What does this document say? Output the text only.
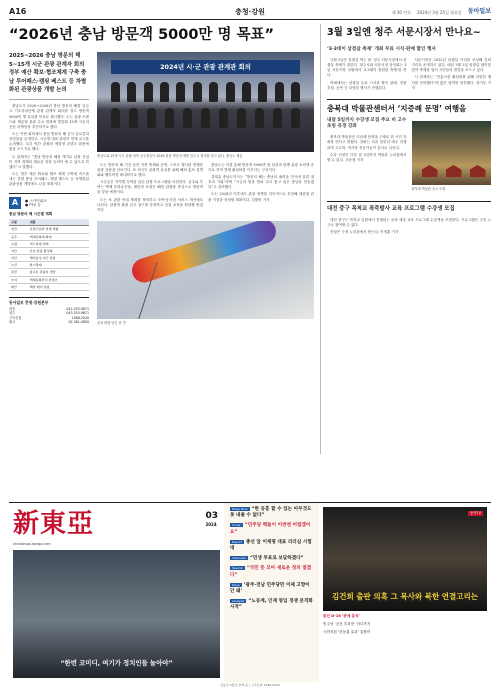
A16	충청·강원	제 30 만호 2024년 3월 25일 월요일 동아일보
“2026년 충남 방문객 5000만 명 목표”
2025~2026 충남 방문의 해 5~15개 시군 관광 관계자 회의 정부 예산 확보·협조체계 구축 충남 투어패스·캠핑 베스트 등 차별화된 관광상품 개발 논의

충남도가 2026~2026년 충남 방문의 해를 앞두고 기초자치단체 관광 관계자 회의를 열고 방문객 5000만 명 유치를 목표로 제시했다. 도는 관광 트렌드와 체류형 관광 수요 변화에 발맞춰 15개 시군과 공동 마케팅을 추진하기로 했다.

도는 이번 회의에서 충남 방문의 해 공식 슬로건과 상징물을 공개하고, 시군별 대표 관광지 연계 코스를 논의했다. 특히 야간 관광과 체험형 콘텐츠 확충에 힘을 모으기로 했다.

도 관계자는 “충남 방문의 해를 계기로 관광 산업이 지역 경제의 새로운 성장 동력이 될 수 있도록 하겠다”고 말했다.

도는 정부 예산 확보와 협조 체계 구축에 속도를 내는 한편 충남 투어패스, 캠핑 베스트 등 차별화된 관광상품 개발에도 나설 계획이다.

A	● 스카이워크
● PTV 등
충남 방문의 해 시군별 계획
구분	내용
천안	독립기념관 연계 체험
공주	백제문화제 확대
보령	머드축제 연계
아산	온천 관광 활성화
서산	해미읍성 야간 관광
논산	딸기축제
당진	삽교호 관광지 개발
부여	백제문화단지 콘텐츠
태안	해양 레저 관광
동아일보 충청·강원본부
대전	042-253-9871
청주	043-253-9871
구독신청	1588-2020
광고	02-361-0800
2024년 시·군 관광 관계관 회의
충남도와 15개 시군 관광 담당 공무원들이 2026 충남 방문의 해를 앞두고 회의를 열고 있다. 충남도 제공

도는 방문의 해 기간 동안 각종 축제와 공연, 스포츠 행사를 연계한 관광 상품을 선보인다. 또 외국인 관광객 유치를 위해 해외 홍보 설명회와 팸투어를 확대하기로 했다.

시군들은 지역별 특색을 살린 관광 프로그램을 마련한다. 공주와 부여는 백제 문화유산을, 태안과 보령은 해양 관광을 중심으로 방문객을 맞을 예정이다.

도는 또 관광 안내 체계를 정비하고 숙박·음식점 서비스 개선에도 나선다. 관광객 불편 신고 창구를 운영하고 친절 교육을 확대할 방침이다.

충남도는 이를 통해 방문객 5000만 명 달성과 함께 관광 소비액 증가로 지역 경제 활성화를 이끈다는 구상이다.

김태흠 충남도지사는 “방문의 해는 충남의 매력을 전국에 알릴 절호의 기회”라며 “시군과 힘을 합쳐 다시 찾고 싶은 충남을 만들겠다”고 강조했다.

도는 2026년 이후에도 관광 정책을 지속적으로 추진해 체류형 관광 거점을 육성할 계획이다. 김태영 기자

꽃과 화합 담긴 용 연
3월 3일엔 청주 서문시장서 만나요~
‘3·3데이 삼겹살 축제’ 개최 무료 시식·판매 할인 행사

‘3월 3일은 삼겹살 먹는 날’ 청주 서문시장에서 삼겹살 축제가 열린다. 청주시와 서문시장 상인회는 3일 서문시장 일원에서 ‘3·3데이 삼겹살 축제’를 연다.

축제에서는 삼겹살 무료 시식과 할인 판매, 경품 추첨, 공연 등 다양한 행사가 진행된다.

서문시장은 2012년 삼겹살 거리를 조성해 특화 거리로 운영하고 있다. 매년 3월 3일 삼겹살 데이를 맞아 축제를 열어 시민들의 발길을 모으고 있다.

시 관계자는 “전통시장 활성화를 위해 다양한 행사를 준비했다”며 많은 참여를 당부했다. 장기우 기자

충북대 박물관센터서 ‘지증례 문명’ 여행을
내달 5일까지 수강생 모집 주요 비 고수 초빙 유경 강좌

충북대 박물관은 지증례 문명을 주제로 한 시민 강좌를 연다고 밝혔다. 강좌는 다음 달부터 매주 진행되며 고고학, 역사학 전문가들이 강사로 나선다.

수강 신청은 다음 달 5일까지 박물관 누리집에서 할 수 있다. 조응형 기자

충북대 박물관 전시 모형
대전 중구 목척교 폭죽발사 교육 프로그램 수강생 모집

대전 중구는 목척교 일원에서 진행되는 문화 예술 교육 프로그램 수강생을 모집한다. 프로그램은 주민 누구나 참여할 수 있다.

신청은 구청 누리집에서 받는다. 이정훈 기자

新東亞	03
2024
shindonga.donga.com
“한번 코미디, 여기가 정치인들 놀아야”
Deep Dive “한 동훈 할 수 있는 아무것도 못 내줄 수 없다”
Cover “민주당 백들이 이번엔 어렵겠어요”
Report 총선 앞 이재명 대표 리더십 시험대
Interview “민생 투표로 보답하겠다”
Special “국민 뜻 모아 새로운 정치 열겠다”
Issue ‘광주·전남 민주당만 이제 고향이 안 돼’
Analysis “노동계, 인재 영입 경쟁 본격화 시작”
동아TV
김건희 출판 의혹 그 목사와 북한 연결고리는
총선 D-16 ‘판세 분석’
민주당 ‘공천 후폭풍’ 어디까지
국민의힘 ‘한동훈 효과’ 통할까
신동아 3월호 발매 중 | 구독문의 1588-2020
